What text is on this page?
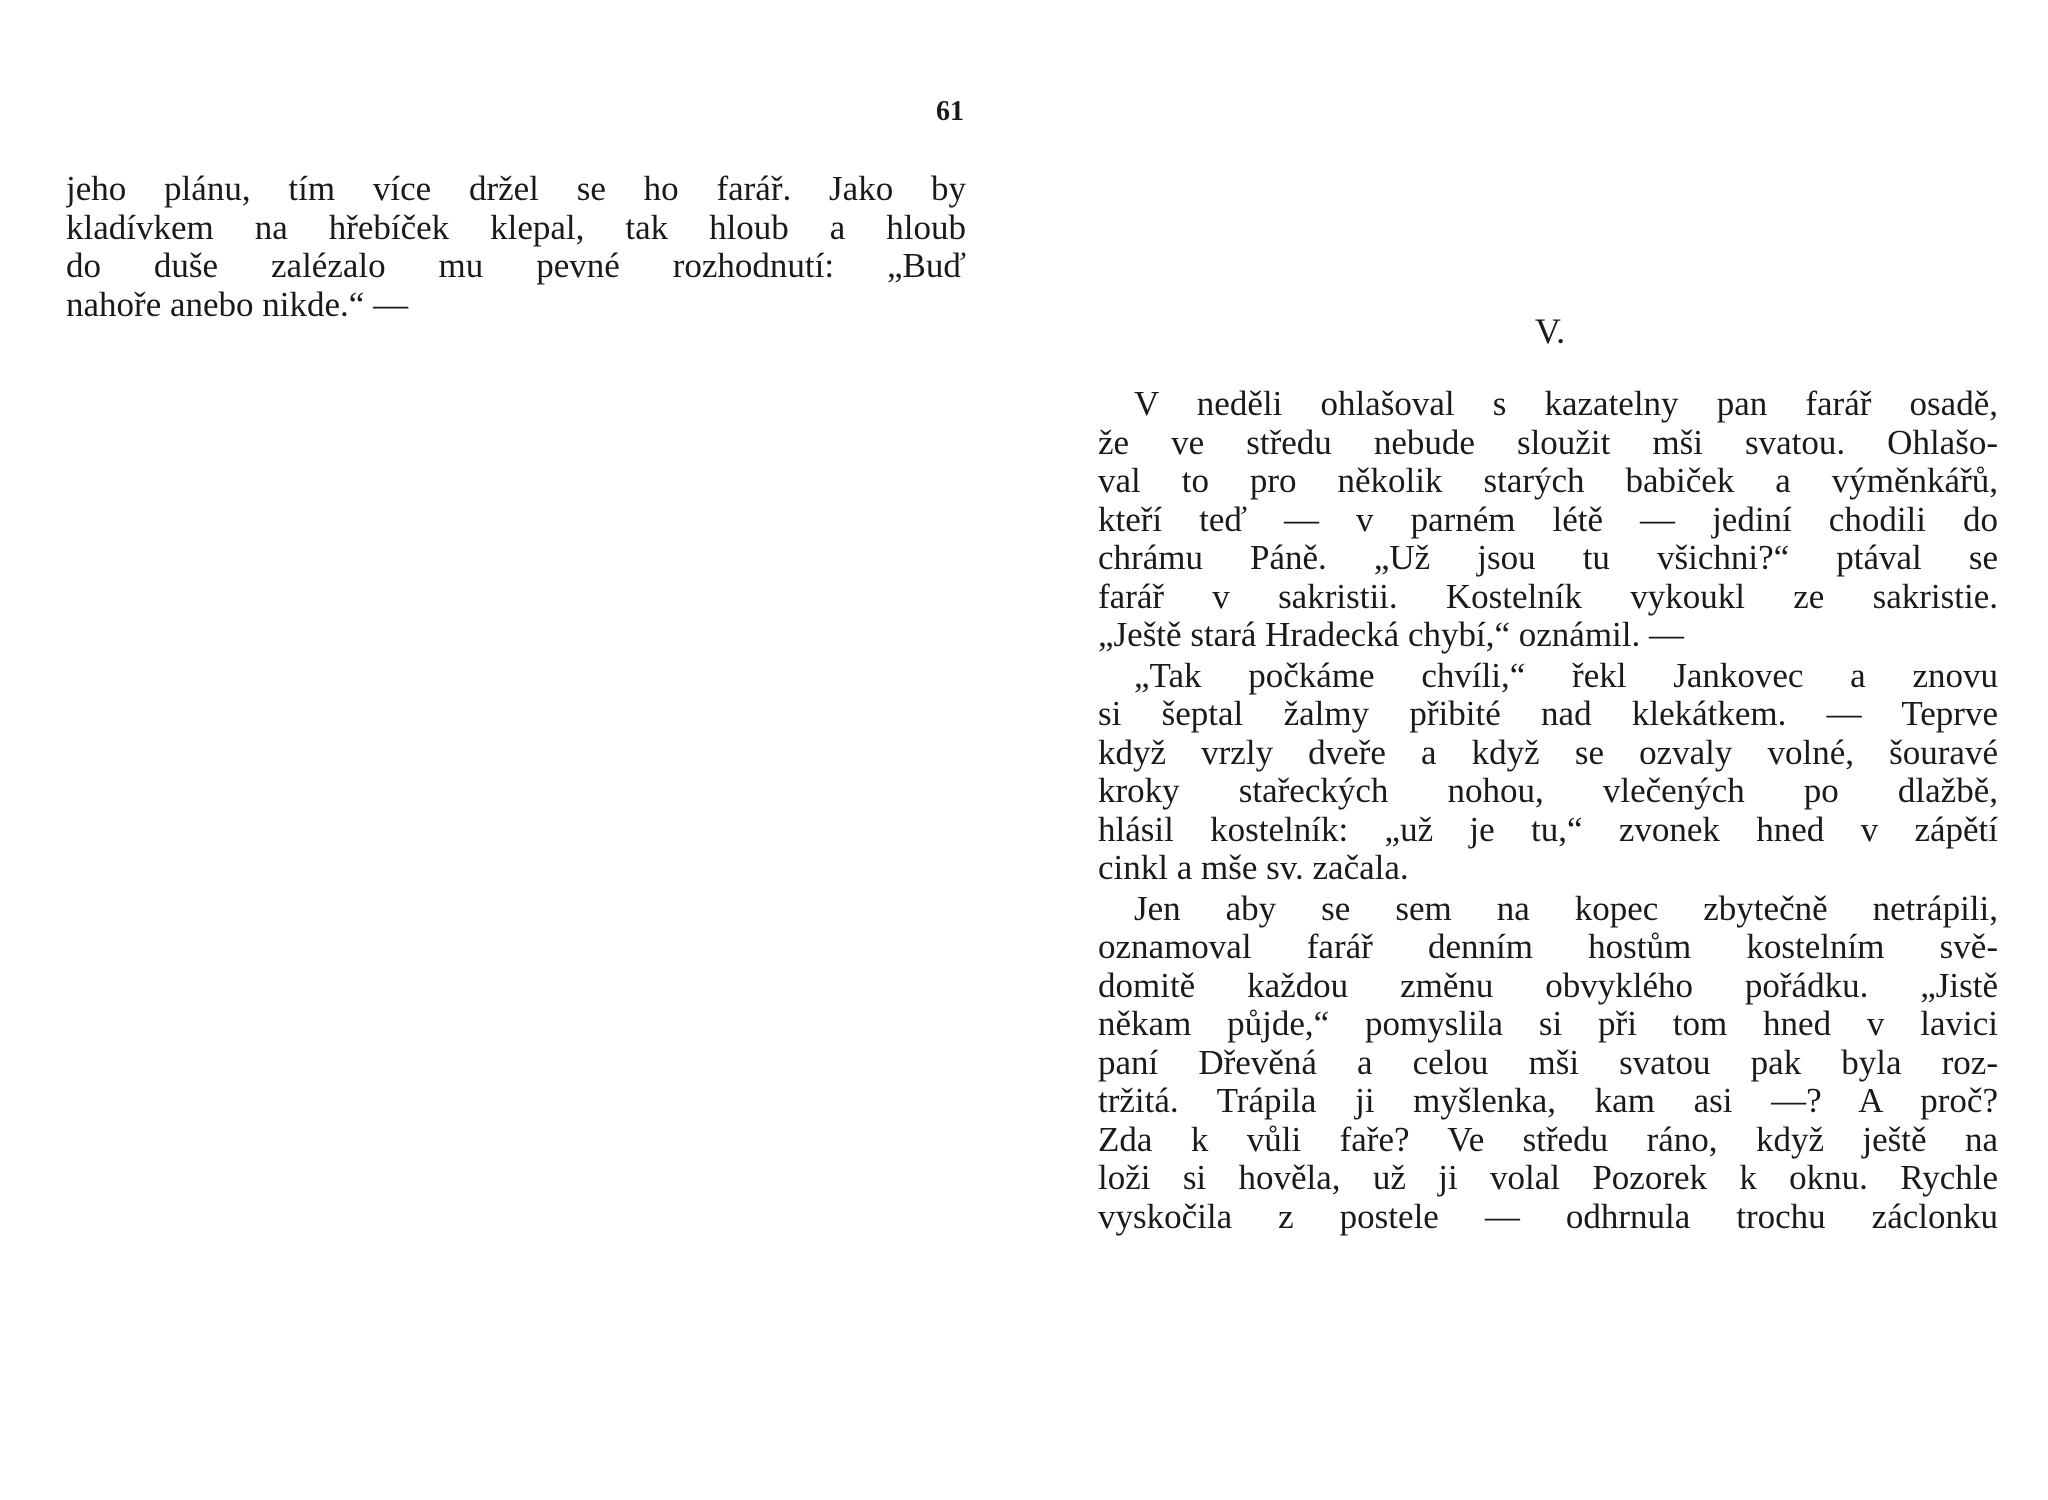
61
jeho plánu, tím více držel se ho farář. Jako by
kladívkem na hřebíček klepal, tak hloub a hloub
do duše zalézalo mu pevné rozhodnutí: „Buď
nahoře anebo nikde.“ —
V.
V neděli ohlašoval s kazatelny pan farář osadě,
že ve středu nebude sloužit mši svatou. Ohlašo-
val to pro několik starých babiček a výměnkářů,
kteří teď — v parném létě — jediní chodili do
chrámu Páně. „Už jsou tu všichni?“ ptával se
farář v sakristii. Kostelník vykoukl ze sakristie.
„Ještě stará Hradecká chybí,“ oznámil. —
„Tak počkáme chvíli,“ řekl Jankovec a znovu
si šeptal žalmy přibité nad klekátkem. — Teprve
když vrzly dveře a když se ozvaly volné, šouravé
kroky stařeckých nohou, vlečených po dlažbě,
hlásil kostelník: „už je tu,“ zvonek hned v zápětí
cinkl a mše sv. začala.
Jen aby se sem na kopec zbytečně netrápili,
oznamoval farář denním hostům kostelním svě-
domitě každou změnu obvyklého pořádku. „Jistě
někam půjde,“ pomyslila si při tom hned v lavici
paní Dřevěná a celou mši svatou pak byla roz-
tržitá. Trápila ji myšlenka, kam asi —? A proč?
Zda k vůli faře? Ve středu ráno, když ještě na
loži si hověla, už ji volal Pozorek k oknu. Rychle
vyskočila z postele — odhrnula trochu záclonku
